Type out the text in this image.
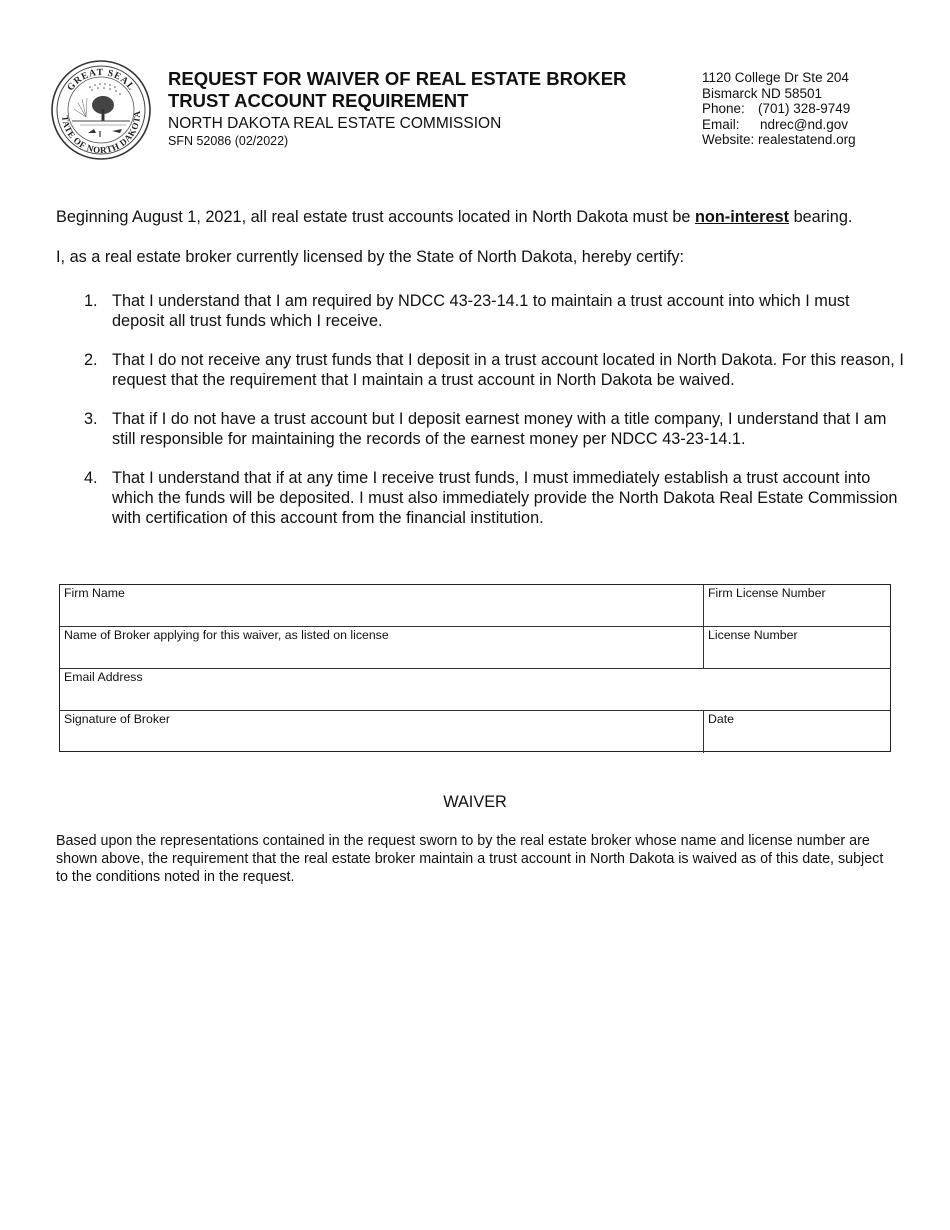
GREAT SEAL
TATE OF NORTH DAKOTA
REQUEST FOR WAIVER OF REAL ESTATE BROKER
TRUST ACCOUNT REQUIREMENT
NORTH DAKOTA REAL ESTATE COMMISSION
SFN 52086 (02/2022)
1120 College Dr Ste 204
Bismarck ND 58501
Phone: (701) 328-9749
Email: ndrec@nd.gov
Website: realestatend.org
Beginning August 1, 2021, all real estate trust accounts located in North Dakota must be non-interest bearing.
I, as a real estate broker currently licensed by the State of North Dakota, hereby certify:
1. That I understand that I am required by NDCC 43-23-14.1 to maintain a trust account into which I must deposit all trust funds which I receive.
2. That I do not receive any trust funds that I deposit in a trust account located in North Dakota. For this reason, I request that the requirement that I maintain a trust account in North Dakota be waived.
3. That if I do not have a trust account but I deposit earnest money with a title company, I understand that I am still responsible for maintaining the records of the earnest money per NDCC 43-23-14.1.
4. That I understand that if at any time I receive trust funds, I must immediately establish a trust account into which the funds will be deposited. I must also immediately provide the North Dakota Real Estate Commission with certification of this account from the financial institution.
Firm Name	Firm License Number
Name of Broker applying for this waiver, as listed on license	License Number
Email Address
Signature of Broker	Date
WAIVER
Based upon the representations contained in the request sworn to by the real estate broker whose name and license number are shown above, the requirement that the real estate broker maintain a trust account in North Dakota is waived as of this date, subject to the conditions noted in the request.
